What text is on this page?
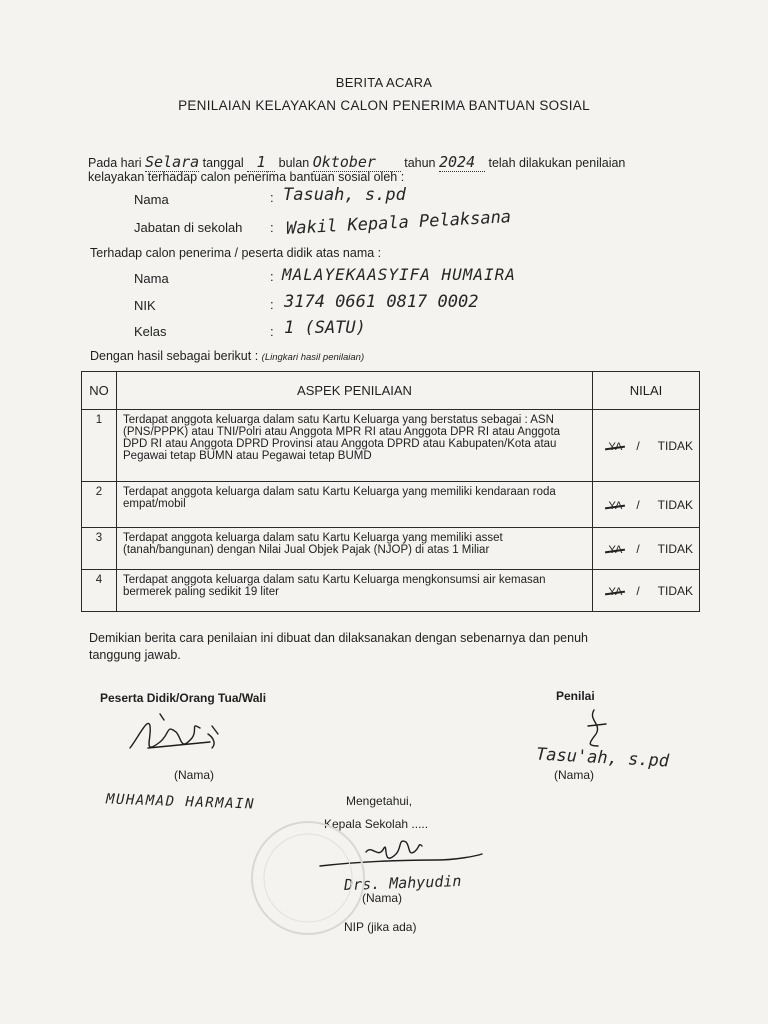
BERITA ACARA
PENILAIAN KELAYAKAN CALON PENERIMA BANTUAN SOSIAL
Pada hari Selara tanggal 1 bulan Oktober tahun 2024 telah dilakukan penilaian
kelayakan terhadap calon penerima bantuan sosial oleh :
Nama	: Tasuah, s.pd
Jabatan di sekolah : Wakil Kepala Pelaksana
Terhadap calon penerima / peserta didik atas nama :
Nama	: MALAYEKAASYIFA HUMAIRA
NIK	: 3174 0661 0817 0002
Kelas	: 1 (SATU)
Dengan hasil sebagai berikut : (Lingkari hasil penilaian)
NO	ASPEK PENILAIAN	NILAI
1	Terdapat anggota keluarga dalam satu Kartu Keluarga yang berstatus sebagai : ASN (PNS/PPPK) atau TNI/Polri atau Anggota MPR RI atau Anggota DPR RI atau Anggota DPD RI atau Anggota DPRD Provinsi atau Anggota DPRD atau Kabupaten/Kota atau Pegawai tetap BUMN atau Pegawai tetap BUMD	YA / TIDAK
2	Terdapat anggota keluarga dalam satu Kartu Keluarga yang memiliki kendaraan roda empat/mobil	YA / TIDAK
3	Terdapat anggota keluarga dalam satu Kartu Keluarga yang memiliki asset (tanah/bangunan) dengan Nilai Jual Objek Pajak (NJOP) di atas 1 Miliar	YA / TIDAK
4	Terdapat anggota keluarga dalam satu Kartu Keluarga mengkonsumsi air kemasan bermerek paling sedikit 19 liter	YA / TIDAK
Demikian berita cara penilaian ini dibuat dan dilaksanakan dengan sebenarnya dan penuh
tanggung jawab.
Peserta Didik/Orang Tua/Wali	Penilai
(Nama)
MUHAMAD HARMAIN
Tasu'ah, s.pd
(Nama)
Mengetahui,
Kepala Sekolah .....
Drs. Mahyudin
(Nama)
NIP (jika ada)
